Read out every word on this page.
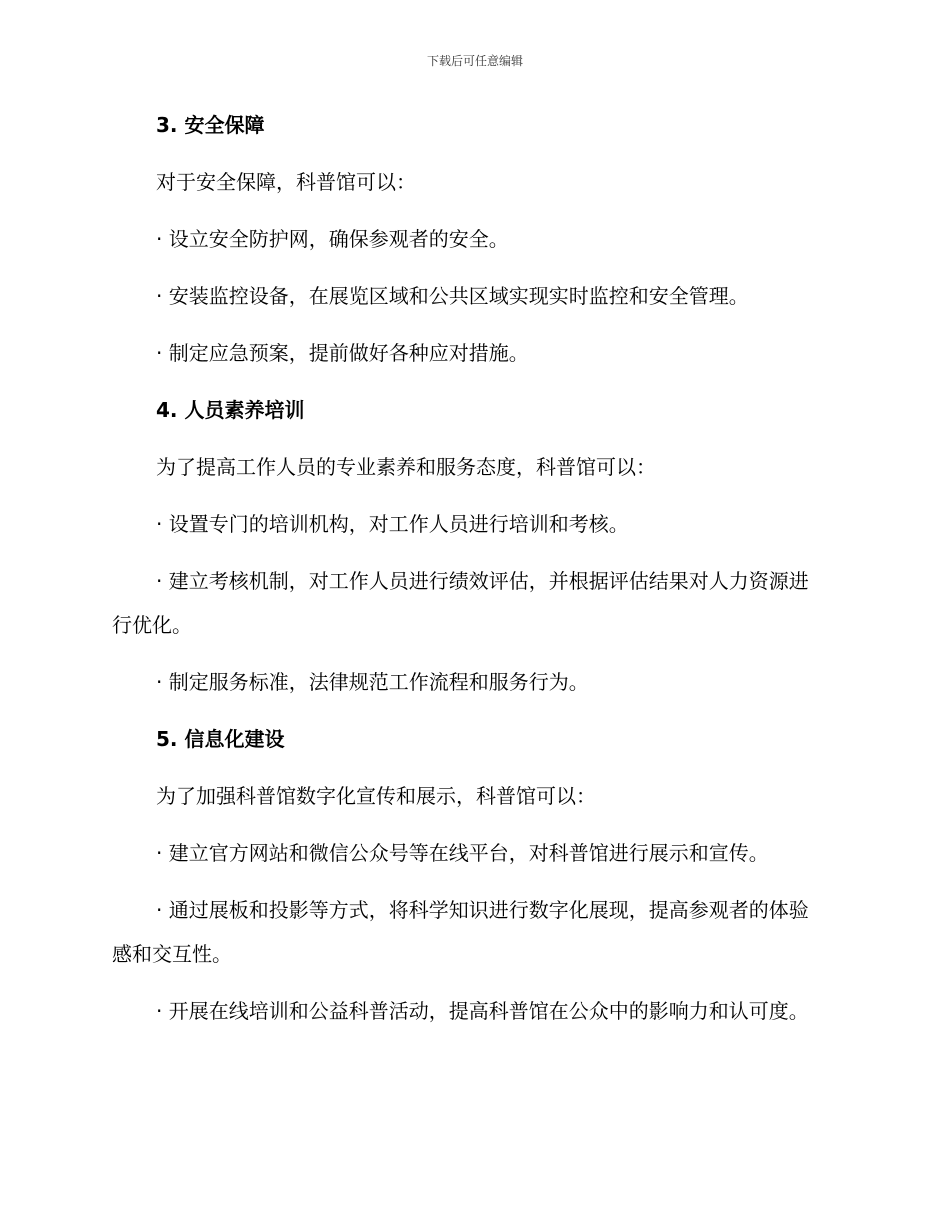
下载后可任意编辑
3. 安全保障
对于安全保障，科普馆可以：
· 设立安全防护网，确保参观者的安全。
· 安装监控设备，在展览区域和公共区域实现实时监控和安全管理。
· 制定应急预案，提前做好各种应对措施。
4. 人员素养培训
为了提高工作人员的专业素养和服务态度，科普馆可以：
· 设置专门的培训机构，对工作人员进行培训和考核。
· 建立考核机制，对工作人员进行绩效评估，并根据评估结果对人力资源进行优化。
· 制定服务标准，法律规范工作流程和服务行为。
5. 信息化建设
为了加强科普馆数字化宣传和展示，科普馆可以：
· 建立官方网站和微信公众号等在线平台，对科普馆进行展示和宣传。
· 通过展板和投影等方式，将科学知识进行数字化展现，提高参观者的体验感和交互性。
· 开展在线培训和公益科普活动，提高科普馆在公众中的影响力和认可度。
